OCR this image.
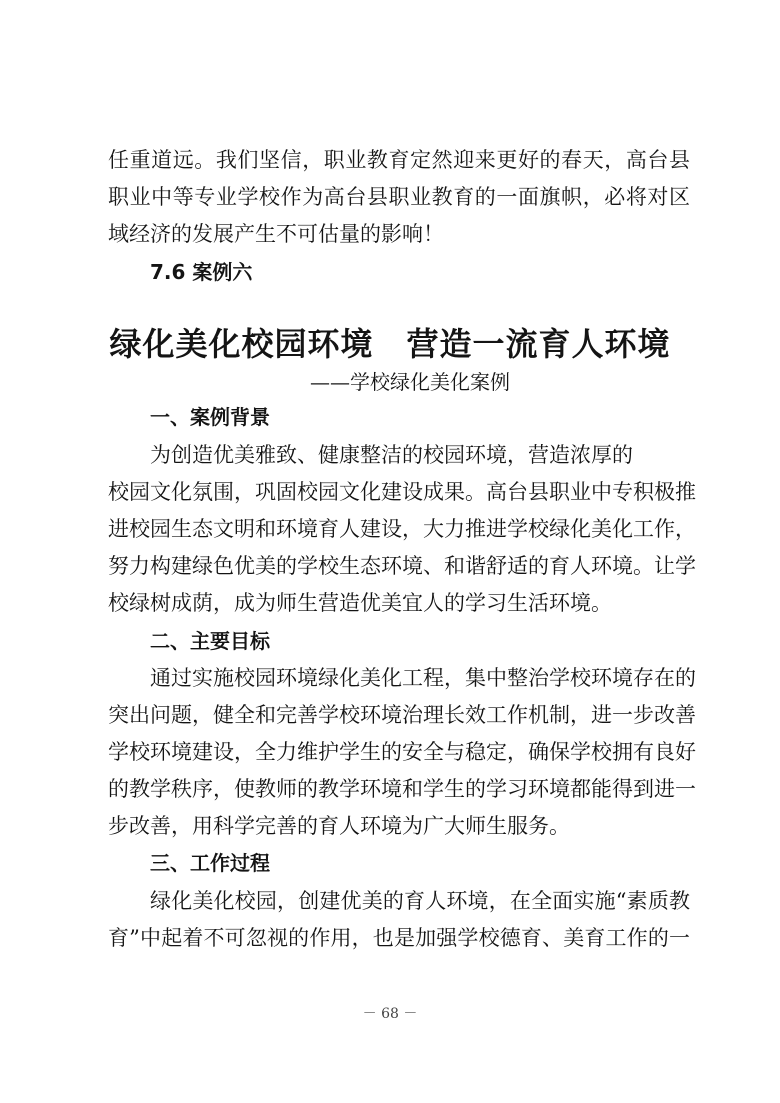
任重道远。我们坚信，职业教育定然迎来更好的春天，高台县
职业中等专业学校作为高台县职业教育的一面旗帜，必将对区
域经济的发展产生不可估量的影响！
7.6 案例六
绿化美化校园环境　营造一流育人环境
——学校绿化美化案例
一、案例背景
为创造优美雅致、健康整洁的校园环境，营造浓厚的
校园文化氛围，巩固校园文化建设成果。高台县职业中专积极推
进校园生态文明和环境育人建设，大力推进学校绿化美化工作，
努力构建绿色优美的学校生态环境、和谐舒适的育人环境。让学
校绿树成荫，成为师生营造优美宜人的学习生活环境。
二、主要目标
通过实施校园环境绿化美化工程，集中整治学校环境存在的
突出问题，健全和完善学校环境治理长效工作机制，进一步改善
学校环境建设，全力维护学生的安全与稳定，确保学校拥有良好
的教学秩序，使教师的教学环境和学生的学习环境都能得到进一
步改善，用科学完善的育人环境为广大师生服务。
三、工作过程
绿化美化校园，创建优美的育人环境，在全面实施“素质教
育”中起着不可忽视的作用，也是加强学校德育、美育工作的一
－ 68 －
